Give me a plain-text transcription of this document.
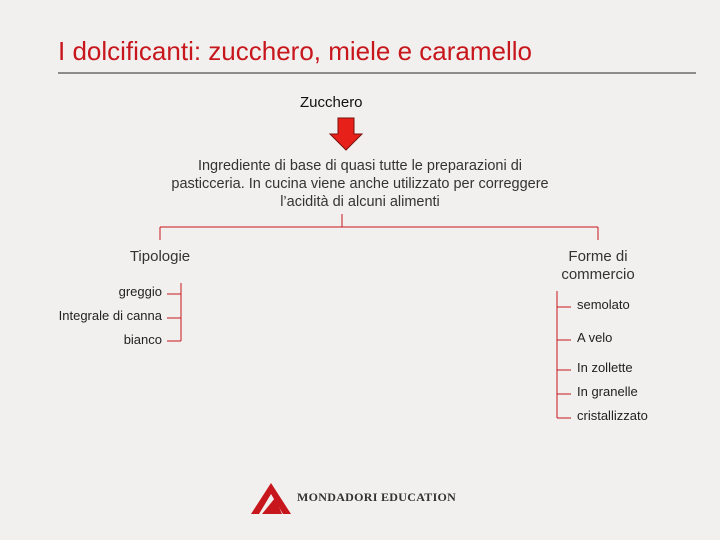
I dolcificanti: zucchero, miele e caramello
Zucchero
Ingrediente di base di quasi tutte le preparazioni di pasticceria. In cucina viene anche utilizzato per correggere l’acidità di alcuni alimenti
Tipologie	Forme di commercio
greggio
Integrale di canna
bianco
semolato
A velo
In zollette
In granelle
cristallizzato
MONDADORI EDUCATION
